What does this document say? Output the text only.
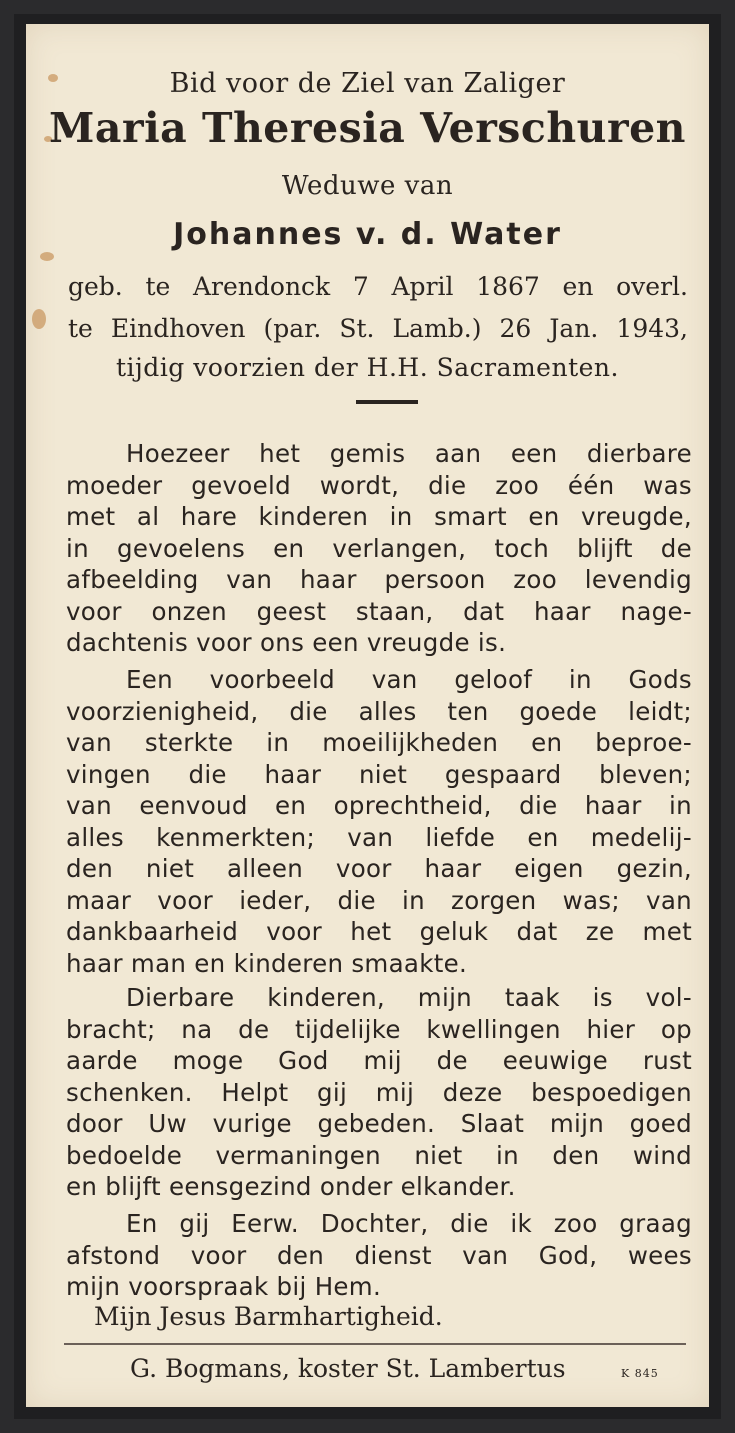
Bid voor de Ziel van Zaliger
Maria Theresia Verschuren
Weduwe van
Johannes v. d. Water
geb. te Arendonck 7 April 1867 en overl.
te Eindhoven (par. St. Lamb.) 26 Jan. 1943,
tijdig voorzien der H.H. Sacramenten.
Hoezeer het gemis aan een dierbare
moeder gevoeld wordt, die zoo één was
met al hare kinderen in smart en vreugde,
in gevoelens en verlangen, toch blijft de
afbeelding van haar persoon zoo levendig
voor onzen geest staan, dat haar nage-
dachtenis voor ons een vreugde is.
Een voorbeeld van geloof in Gods
voorzienigheid, die alles ten goede leidt;
van sterkte in moeilijkheden en beproe-
vingen die haar niet gespaard bleven;
van eenvoud en oprechtheid, die haar in
alles kenmerkten; van liefde en medelij-
den niet alleen voor haar eigen gezin,
maar voor ieder, die in zorgen was; van
dankbaarheid voor het geluk dat ze met
haar man en kinderen smaakte.
Dierbare kinderen, mijn taak is vol-
bracht; na de tijdelijke kwellingen hier op
aarde moge God mij de eeuwige rust
schenken. Helpt gij mij deze bespoedigen
door Uw vurige gebeden. Slaat mijn goed
bedoelde vermaningen niet in den wind
en blijft eensgezind onder elkander.
En gij Eerw. Dochter, die ik zoo graag
afstond voor den dienst van God, wees
mijn voorspraak bij Hem.
Mijn Jesus Barmhartigheid.
G. Bogmans, koster St. Lambertus	K 845
